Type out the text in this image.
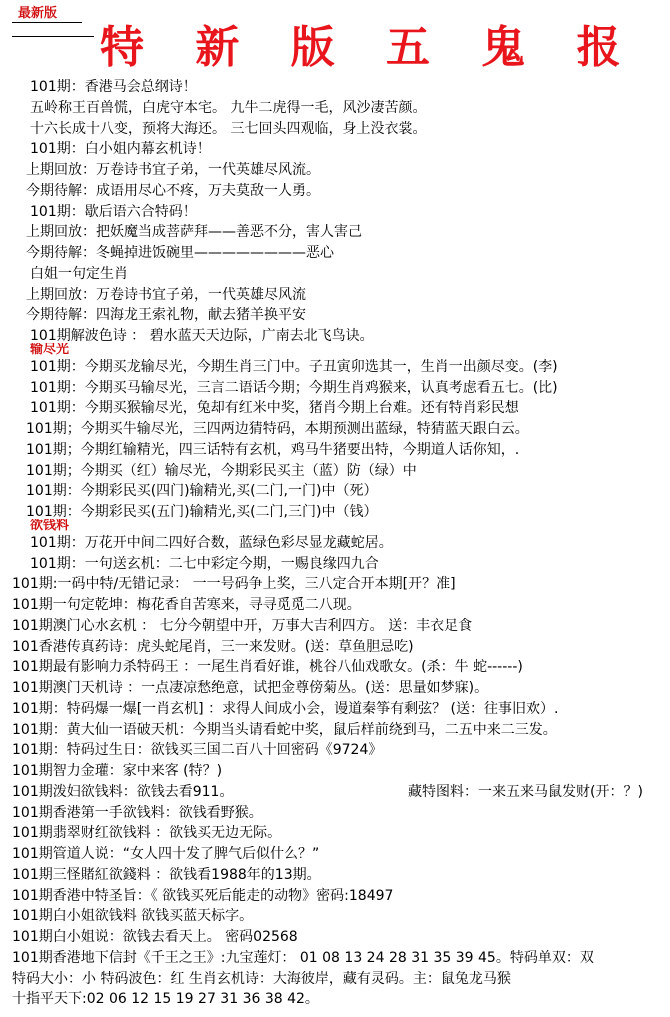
最新版
特 新 版 五 鬼 报
101期：香港马会总纲诗！
五岭称王百兽慌，白虎守本宅。 九牛二虎得一毛，风沙凄苦颜。
十六长成十八变，预将大海还。 三七回头四观临，身上没衣裳。
101期：白小姐内幕玄机诗！
上期回放：万卷诗书宜子弟，一代英雄尽风流。
今期待解：成语用尽心不疼，万夫莫敌一人勇。
101期：歇后语六合特码！
上期回放：把妖魔当成菩萨拜——善恶不分，害人害己
今期待解：冬蝇掉进饭碗里————————恶心
白姐一句定生肖
上期回放：万卷诗书宜子弟，一代英雄尽风流
今期待解：四海龙王索礼物，献去猪羊换平安
101期解波色诗 ： 碧水蓝天天边际，广南去北飞鸟诀。
输尽光
101期：今期买龙输尽光，今期生肖三门中。子丑寅卯选其一，生肖一出颜尽变。(李)
101期：今期买马输尽光，三言二语话今期；今期生肖鸡猴来，认真考虑看五七。(比)
101期：今期买猴输尽光，兔却有红米中奖，猪肖今期上台难。还有特肖彩民想
101期；今期买牛输尽光，三四两边猜特码，本期预测出蓝绿，特猜蓝天跟白云。
101期；今期红输精光，四三话特有玄机，鸡马牛猪要出特，今期道人话你知，.
101期；今期买（红）输尽光，今期彩民买主（蓝）防（绿）中
101期：今期彩民买(四门)输精光,买(二门,一门)中（死）
101期：今期彩民买(五门)输精光,买(二门,三门)中（钱）
欲钱料
101期：万花开中间二四好合数，蓝绿色彩尽显龙藏蛇居。
101期：一句送玄机：二七中彩定今期，一赐良缘四九合
101期:一码中特/无错记录： 一一号码争上奖，三八定合开本期[开？准]
101期一句定乾坤：梅花香自苦寒来，寻寻觅觅二八现。
101期澳门心水玄机 ： 七分今朝望中开，万事大吉利四方。 送：丰衣足食
101香港传真药诗：虎头蛇尾肖，三一来发财。(送：草鱼胆忌吃)
101期最有影响力杀特码王 ：一尾生肖看好谁，桃谷八仙戏歌女。(杀：牛 蛇------)
101期澳门天机诗 ：一点凄凉愁绝意，试把金尊傍菊丛。(送：思量如梦寐)。
101期：特码爆一爆[一肖玄机] ：求得人间成小会，谩道秦筝有剩弦？ (送：往事旧欢）.
101期：黄大仙一语破天机：今期当头请看蛇中奖，鼠后样前绕到马，二五中来二三发。
101期：特码过生日：欲钱买三国二百八十回密码《9724》
101期智力金瓘：家中来客 (特？)
101期泼妇欲钱料：欲钱去看911。	藏特图料：一来五来马鼠发财(开：？)
101期香港第一手欲钱料：欲钱看野猴。
101期翡翠财红欲钱料 ：欲钱买无边无际。
101期管道人说：“女人四十发了脾气后似什么？”
101期三怪賭紅欲錢料 ：欲钱看1988年的13期。
101期香港中特圣旨：《 欲钱买死后能走的动物》密码:18497
101期白小姐欲钱料 欲钱买蓝天标字。
101期白小姐说：欲钱去看天上。 密码02568
101期香港地下信封《千王之王》:九宝莲灯： 01 08 13 24 28 31 35 39 45。特码单双：双
特码大小：小 特码波色：红 生肖玄机诗：大海彼岸，藏有灵码。主：鼠兔龙马猴
十指平天下:02 06 12 15 19 27 31 36 38 42。
